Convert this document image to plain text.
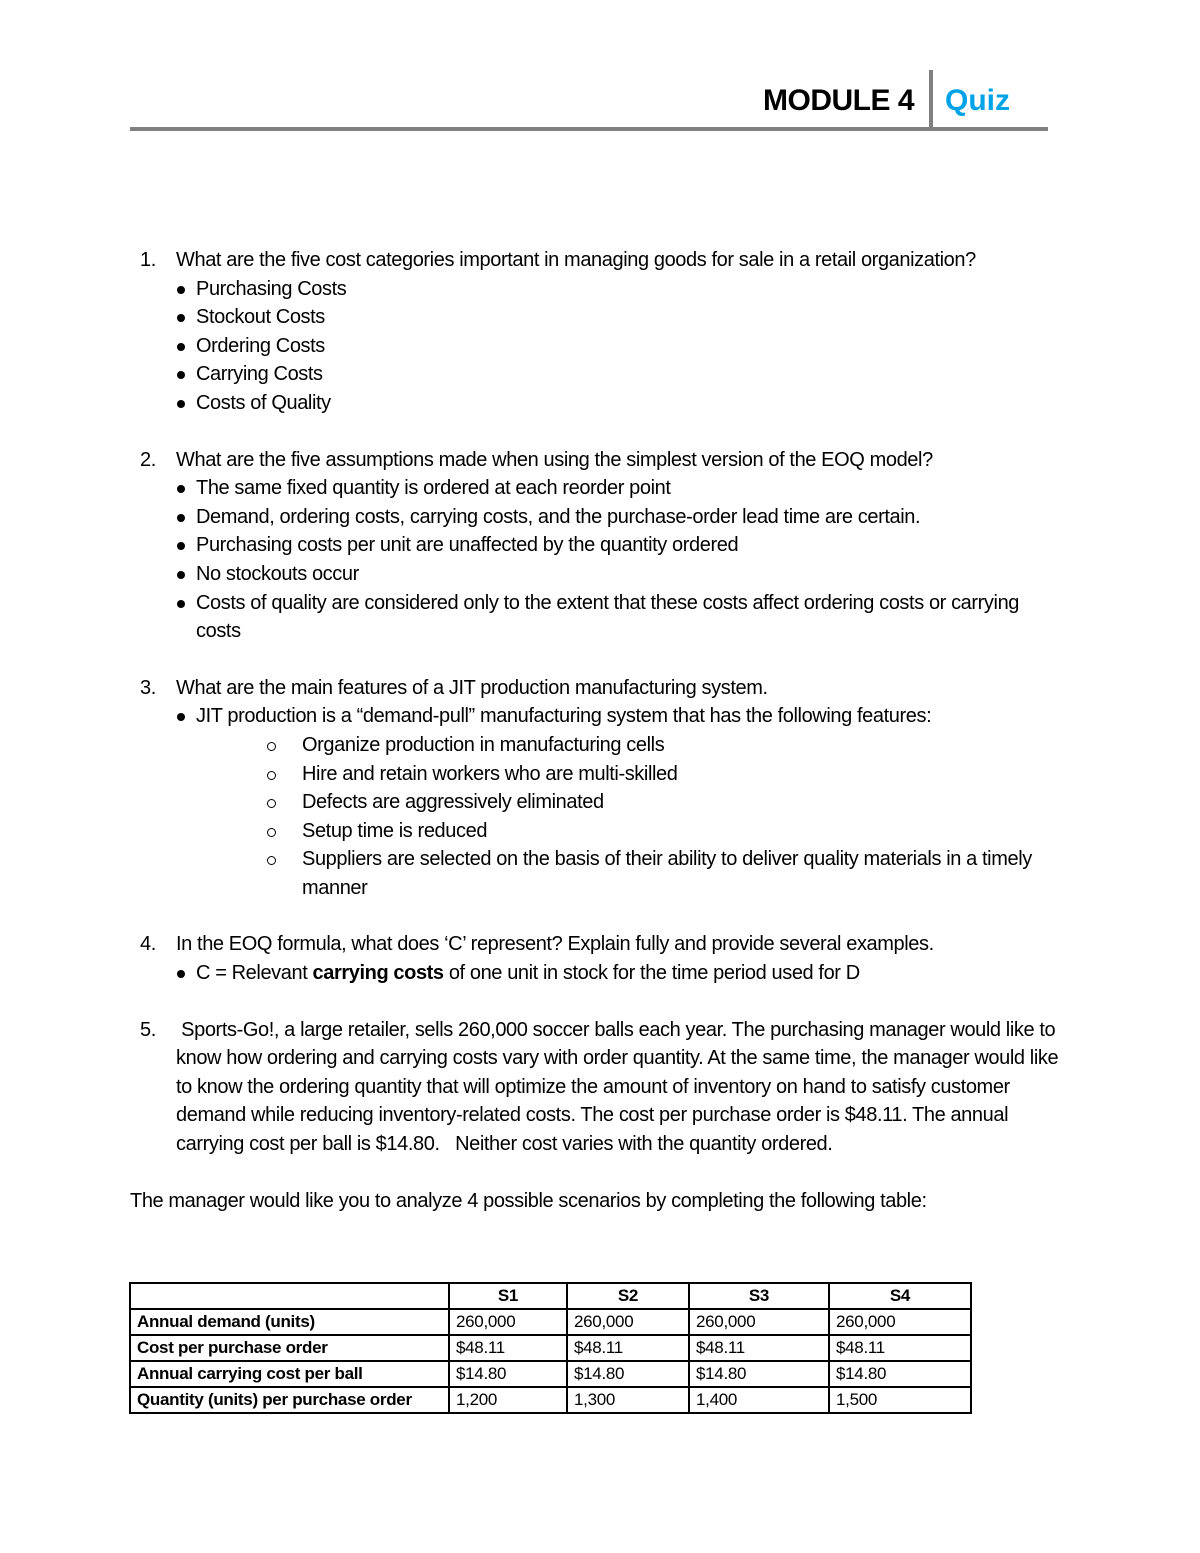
MODULE 4 Quiz
1. What are the five cost categories important in managing goods for sale in a retail organization?
Purchasing Costs
Stockout Costs
Ordering Costs
Carrying Costs
Costs of Quality
2. What are the five assumptions made when using the simplest version of the EOQ model?
The same fixed quantity is ordered at each reorder point
Demand, ordering costs, carrying costs, and the purchase-order lead time are certain.
Purchasing costs per unit are unaffected by the quantity ordered
No stockouts occur
Costs of quality are considered only to the extent that these costs affect ordering costs or carrying costs
3. What are the main features of a JIT production manufacturing system.
JIT production is a “demand-pull” manufacturing system that has the following features:
Organize production in manufacturing cells
Hire and retain workers who are multi-skilled
Defects are aggressively eliminated
Setup time is reduced
Suppliers are selected on the basis of their ability to deliver quality materials in a timely manner
4. In the EOQ formula, what does ‘C’ represent? Explain fully and provide several examples.
C = Relevant carrying costs of one unit in stock for the time period used for D
5. Sports-Go!, a large retailer, sells 260,000 soccer balls each year. The purchasing manager would like to know how ordering and carrying costs vary with order quantity. At the same time, the manager would like to know the ordering quantity that will optimize the amount of inventory on hand to satisfy customer demand while reducing inventory-related costs. The cost per purchase order is $48.11. The annual carrying cost per ball is $14.80.   Neither cost varies with the quantity ordered.
The manager would like you to analyze 4 possible scenarios by completing the following table:
	S1	S2	S3	S4
Annual demand (units)	260,000	260,000	260,000	260,000
Cost per purchase order	$48.11	$48.11	$48.11	$48.11
Annual carrying cost per ball	$14.80	$14.80	$14.80	$14.80
Quantity (units) per purchase order	1,200	1,300	1,400	1,500
